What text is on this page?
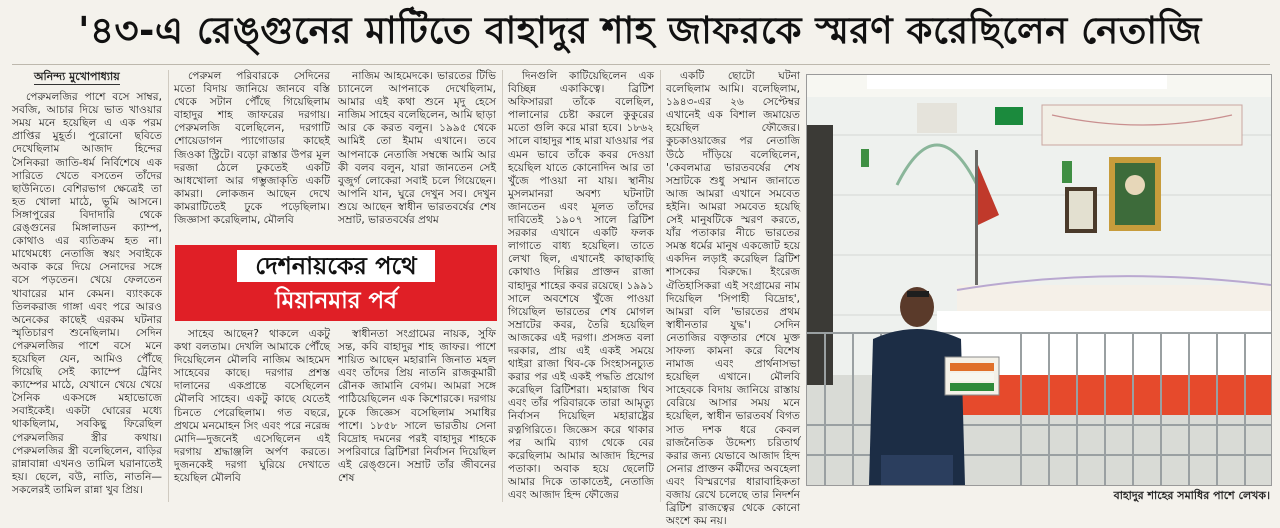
'৪৩-এ রেঙ্গুনের মাটিতে বাহাদুর শাহ জাফরকে স্মরণ করেছিলেন নেতাজি
অনিন্দ্য মুখোপাধ্যায়

পেরুমলজির পাশে বসে সাম্বর, সবজি, আচার দিয়ে ভাত খাওয়ার সময় মনে হয়েছিল এ এক পরম প্রাপ্তির মুহূর্ত। পুরোনো ছবিতে দেখেছিলাম আজাদ হিন্দের সৈনিকরা জাতি-ধর্ম নির্বিশেষে এক সারিতে খেতে বসতেন তাঁদের ছাউনিতে। বেশিরভাগ ক্ষেত্রেই তা হত খোলা মাঠে, ভূমি আসনে। সিঙ্গাপুরের বিদাদারি থেকে রেঙ্গুনের মিঙ্গালাডন ক্যাম্প, কোথাও এর ব্যতিক্রম হত না। মাথেমধ্যে নেতাজি স্বয়ং সবাইকে অবাক করে দিয়ে সেনাদের সঙ্গে বসে পড়তেন। খেয়ে ফেলতেন খাবারের মান কেমন। ব্যাংককে তিলকরাজ গাঙ্গা এবং পরে আরও অনেকের কাছেই এরকম ঘটনার স্মৃতিচারণ শুনেছিলাম। সেদিন পেরুমলজির পাশে বসে মনে হয়েছিল যেন, আমিও পৌঁছে গিয়েছি সেই ক্যাম্পে ট্রেনিং ক্যাম্পের মাঠে, যেখানে খেয়ে খেয়ে সৈনিক একসঙ্গে মহাভোজে সবাইকেই। একটা ঘোরের মধ্যে থাকছিলাম, সবকিছু ফিরেছিল পেরুমলজির স্ত্রীর কথায়। পেরুমলজির স্ত্রী বলেছিলেন, বাড়ির রান্নাবান্না এখনও তামিল ঘরানাতেই হয়। ছেলে, বউ, নাতি, নাতনি— সকলেরই তামিল রান্না খুব প্রিয়।

পেরুমল পরিবারকে সেদিনের মতো বিদায় জানিয়ে জানবে বস্তি থেকে সটান পৌঁছে গিয়েছিলাম বাহাদুর শাহ জাফরের দরগায়। পেরুমলজি বলেছিলেন, দরগাটি শোয়েডাগন প্যাগোডার কাছেই জিওকা স্ট্রিটে। বড়ো রাস্তার উপর মূল দরজা ঠেলে ঢুকতেই একটি আধখোলা আর গম্ভুজাকৃতি একটি কামরা। লোকজন আছেন দেখে কামরাটিতেই ঢুকে পড়েছিলাম। জিজ্ঞাসা করেছিলাম, মৌলবি

সাহেব আছেন? থাকলে একটু কথা বলতাম। দেখলি আমাকে পৌঁছে দিয়েছিলেন মৌলবি নাজিম আহমেদ সাহেবের কাছে। দরগার প্রশস্ত দালানের একপ্রান্তে বসেছিলেন মৌলবি সাহেব। একটু কাছে যেতেই চিনতে পেরেছিলাম। গত বছরে, প্রথমে মনমোহন সিং এবং পরে নরেন্দ্র মোদি—দুজনেই এসেছিলেন এই দরগায় শ্রদ্ধাঞ্জলি অর্পণ করতে। দুজনকেই দরগা ঘুরিয়ে দেখাতে হয়েছিল মৌলবি

নাজিম আহমেদকে। ভারতের টিভি চ্যানেলে আপনাকে দেখেছিলাম, আমার এই কথা শুনে মৃদু হেসে নাজিম সাহেব বলেছিলেন, আমি ছাড়া আর কে করত বলুন। ১৯৯৫ থেকে আমিই তো ইমাম এখানে। তবে আপনাকে নেতাজি সম্বন্ধে আমি আর কী বলব বলুন, যারা জানতেন সেই বুজুর্গ লোকেরা সবাই চলে গিয়েছেন। আপনি যান, ঘুরে দেখুন সব। দেখুন শুয়ে আছেন স্বাধীন ভারতবর্ষের শেষ সম্রাট, ভারতবর্ষের প্রথম

স্বাধীনতা সংগ্রামের নায়ক, সুফি সন্ত, কবি বাহাদুর শাহ জাফর। পাশে শায়িত আছেন মহারানি জিনাত মহল এবং তাঁদের প্রিয় নাতনি রাজকুমারী রৌনক জামানি বেগম। আমরা সঙ্গে পাঠিয়েছিলেন এক কিশোরকে। দরগায় ঢুকে জিজ্ঞেস বসেছিলাম সমাধির পাশে। ১৮৫৮ সালে ভারতীয় সেনা বিদ্রোহ দমনের পরই বাহাদুর শাহকে সপরিবারে ব্রিটিশরা নির্বাসন দিয়েছিল এই রেঙ্গুনে। সম্রাট তাঁর জীবনের শেষ

দেশনায়কের পথে
মিয়ানমার পর্ব

দিনগুলি কাটিয়েছিলেন এক বিচ্ছিন্ন একাকিত্বে। ব্রিটিশ অফিসাররা তাঁকে বলেছিল, পালানোর চেষ্টা করলে কুকুরের মতো গুলি করে মারা হবে। ১৮৬২ সালে বাহাদুর শাহ মারা যাওয়ার পর এমন ভাবে তাঁকে কবর দেওয়া হয়েছিল যাতে কোনোদিন আর তা খুঁজে পাওয়া না যায়। স্থানীয় মুসলমানরা অবশ্য ঘটনাটা জানতেন এবং মূলত তাঁদের দাবিতেই ১৯০৭ সালে ব্রিটিশ সরকার এখানে একটি ফলক লাগাতে বাধ্য হয়েছিল। তাতে লেখা ছিল, এখানেই কাছাকাছি কোথাও দিল্লির প্রাক্তন রাজা বাহাদুর শাহের কবর রয়েছে। ১৯৯১ সালে অবশেষে খুঁজে পাওয়া গিয়েছিল ভারতের শেষ মোগল সম্রাটের কবর, তৈরি হয়েছিল আজকের এই দরগা। প্রসঙ্গত বলা দরকার, প্রায় এই একই সময়ে থাইরা রাজা থিব-কে সিংহাসনচ্যুত করার পর এই একই পদ্ধতি প্রয়োগ করেছিল ব্রিটিশরা। মহারাজ থিব এবং তাঁর পরিবারকে তারা আমৃত্যু নির্বাসন দিয়েছিল মহারাষ্ট্রের রত্নগিরিতে। জিজ্ঞেস করে থাকার পর আমি ব্যাগ থেকে বের করেছিলাম আমার আজাদ হিন্দের পতাকা। অবাক হয়ে ছেলেটি আমার দিকে তাকাতেই, নেতাজি এবং আজাদ হিন্দ ফৌজের

একটি ছোটো ঘটনা বলেছিলাম আমি। বলেছিলাম, ১৯৪৩-এর ২৬ সেপ্টেম্বর এখানেই এক বিশাল জমায়েত হয়েছিল ফৌজের। কুচকাওয়াজের পর নেতাজি উঠে দাঁড়িয়ে বলেছিলেন, 'কেবলমাত্র ভারতবর্ষের শেষ সম্রাটকে শুধু সম্মান জানাতে আজ আমরা এখানে সমবেত হইনি। আমরা সমবেত হয়েছি সেই মানুষটিকে স্মরণ করতে, যাঁর পতাকার নীচে ভারতের সমস্ত ধর্মের মানুষ একজোট হয়ে একদিন লড়াই করেছিল ব্রিটিশ শাসকের বিরুদ্ধে। ইংরেজ ঐতিহাসিকরা এই সংগ্রামের নাম দিয়েছিল 'সিপাহী বিদ্রোহ', আমরা বলি 'ভারতের প্রথম স্বাধীনতার যুদ্ধ'। সেদিন নেতাজির বক্তৃতার শেষে মুক্ত সাফল্য কামনা করে বিশেষ নামাজ এবং প্রার্থনাসভা হয়েছিল এখানে। মৌলবি সাহেবকে বিদায় জানিয়ে রাস্তায় বেরিয়ে আসার সময় মনে হয়েছিল, স্বাধীন ভারতবর্ষ বিগত সাত দশক ধরে কেবল রাজনৈতিক উদ্দেশ্য চরিতার্থ করার জন্য যেভাবে আজাদ হিন্দ সেনার প্রাক্তন কর্মীদের অবহেলা এবং বিস্মরণের ধারাবাহিকতা বজায় রেখে চলেছে তার নিদর্শন ব্রিটিশ রাজত্বের থেকে কোনো অংশে কম নয়।

বাহাদুর শাহের সমাধির পাশে লেখক।
